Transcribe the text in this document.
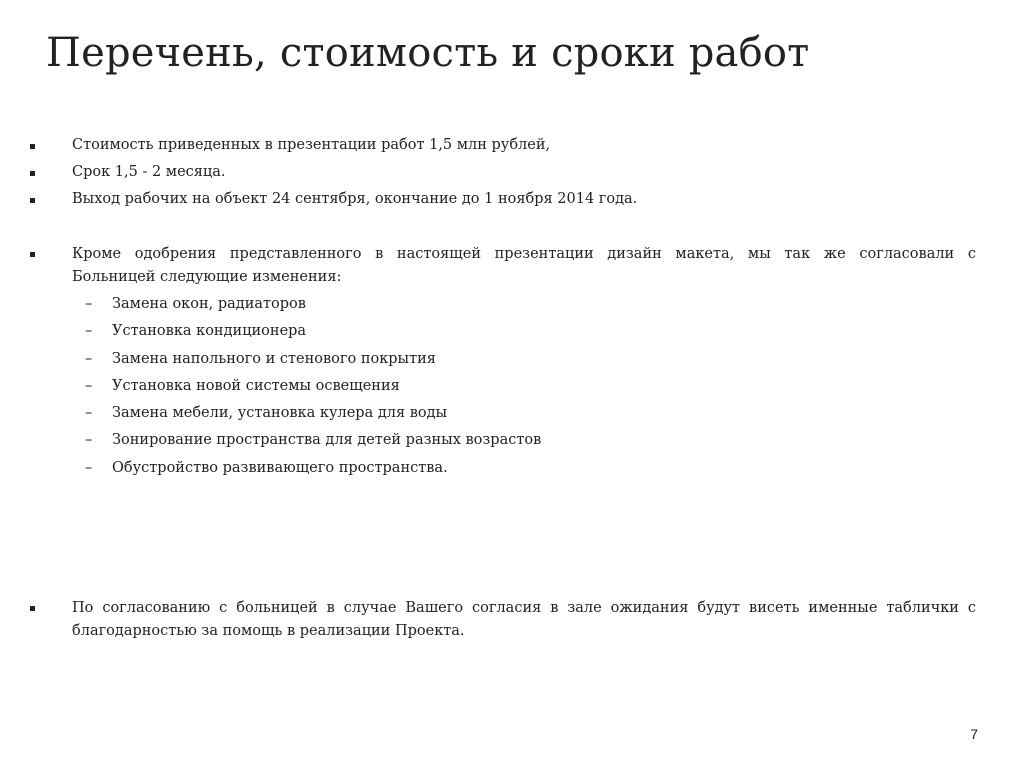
Перечень, стоимость и сроки работ
Стоимость приведенных в презентации работ 1,5 млн рублей,
Срок 1,5 - 2 месяца.
Выход рабочих на объект 24 сентября, окончание до 1 ноября 2014 года.
Кроме одобрения представленного в настоящей презентации дизайн макета, мы так же согласовали с
Больницей следующие изменения:
– Замена окон, радиаторов
– Установка кондиционера
– Замена напольного и стенового покрытия
– Установка новой системы освещения
– Замена мебели, установка кулера для воды
– Зонирование пространства для детей разных возрастов
– Обустройство развивающего пространства.
По согласованию с больницей в случае Вашего согласия в зале ожидания будут висеть именные таблички с
благодарностью за помощь в реализации Проекта.
7
